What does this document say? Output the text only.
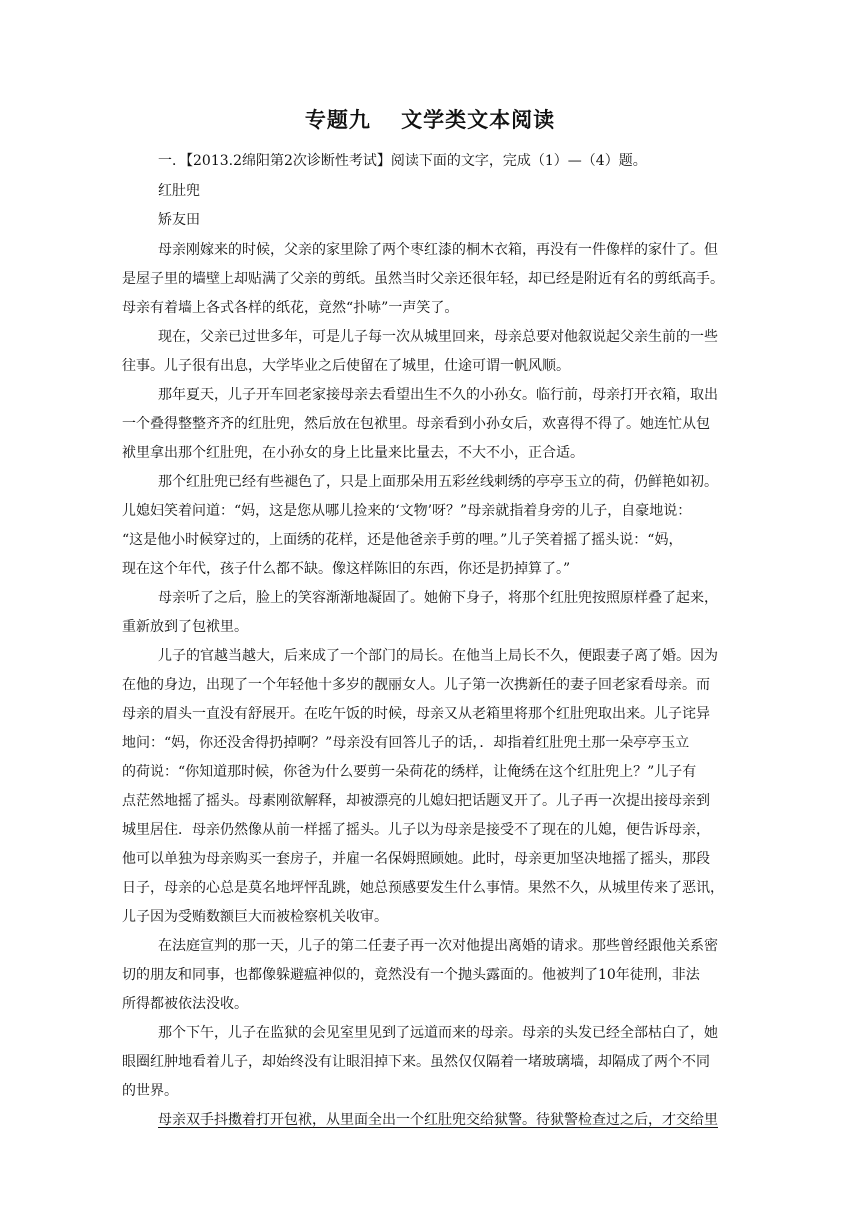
专题九　 文学类文本阅读
一．【2013.2绵阳第2次诊断性考试】阅读下面的文字，完成（1）—（4）题。
红肚兜
矫友田
母亲刚嫁来的时候，父亲的家里除了两个枣红漆的桐木衣箱，再没有一件像样的家什了。但
是屋子里的墙壁上却贴满了父亲的剪纸。虽然当时父亲还很年轻，却已经是附近有名的剪纸高手。
母亲有着墙上各式各样的纸花，竟然“扑哧”一声笑了。
现在，父亲已过世多年，可是儿子每一次从城里回来，母亲总要对他叙说起父亲生前的一些
往事。儿子很有出息，大学毕业之后使留在了城里，仕途可谓一帆风顺。
那年夏天，儿子开车回老家接母亲去看望出生不久的小孙女。临行前，母亲打开衣箱，取出
一个叠得整整齐齐的红肚兜，然后放在包袱里。母亲看到小孙女后，欢喜得不得了。她连忙从包
袱里拿出那个红肚兜，在小孙女的身上比量来比量去，不大不小，正合适。
那个红肚兜已经有些褪色了，只是上面那朵用五彩丝线刺绣的亭亭玉立的荷，仍鲜艳如初。
儿媳妇笑着问道：“妈，这是您从哪儿捡来的‘文物’呀？”母亲就指着身旁的儿子，自豪地说：
“这是他小时候穿过的，上面绣的花样，还是他爸亲手剪的哩。”儿子笑着摇了摇头说：“妈，
现在这个年代，孩子什么都不缺。像这样陈旧的东西，你还是扔掉算了。”
母亲听了之后，脸上的笑容渐渐地凝固了。她俯下身子，将那个红肚兜按照原样叠了起来，
重新放到了包袱里。
儿子的官越当越大，后来成了一个部门的局长。在他当上局长不久，便跟妻子离了婚。因为
在他的身边，出现了一个年轻他十多岁的靓丽女人。儿子第一次携新任的妻子回老家看母亲。而
母亲的眉头一直没有舒展开。在吃午饭的时候，母亲又从老箱里将那个红肚兜取出来。儿子诧异
地问：“妈，你还没舍得扔掉啊？”母亲没有回答儿子的话，．却指着红肚兜土那一朵亭亭玉立
的荷说：“你知道那时候，你爸为什么要剪一朵荷花的绣样，让俺绣在这个红肚兜上？”儿子有
点茫然地摇了摇头。母素刚欲解释，却被漂亮的儿媳妇把话题叉开了。儿子再一次提出接母亲到
城里居住．母亲仍然像从前一样摇了摇头。儿子以为母亲是接受不了现在的儿媳，便告诉母亲，
他可以单独为母亲购买一套房子，并雇一名保姆照顾她。此时，母亲更加坚决地摇了摇头，那段
日子，母亲的心总是莫名地坪怦乱跳，她总预感要发生什么事情。果然不久，从城里传来了恶讯，
儿子因为受贿数额巨大而被检察机关收审。
在法庭宣判的那一天，儿子的第二任妻子再一次对他提出离婚的请求。那些曾经跟他关系密
切的朋友和同事，也都像躲避瘟神似的，竟然没有一个抛头露面的。他被判了10年徒刑，非法
所得都被依法没收。
那个下午，儿子在监狱的会见室里见到了远道而来的母亲。母亲的头发已经全部枯白了，她
眼圈红肿地看着儿子，却始终没有让眼泪掉下来。虽然仅仅隔着一堵玻璃墙，却隔成了两个不同
的世界。
母亲双手抖擞着打开包袱，从里面全出一个红肚兜交给狱警。待狱警检查过之后，才交给里
